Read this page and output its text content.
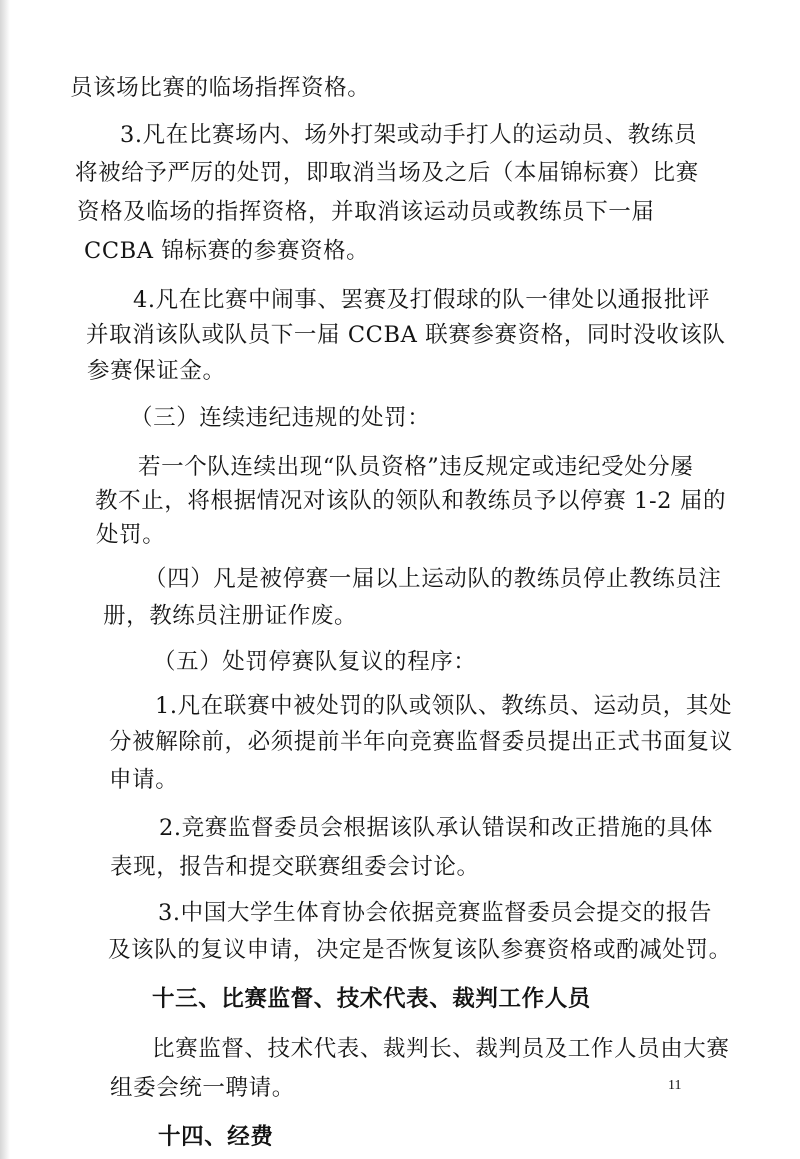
员该场比赛的临场指挥资格。
3.凡在比赛场内、场外打架或动手打人的运动员、教练员
将被给予严厉的处罚，即取消当场及之后（本届锦标赛）比赛
资格及临场的指挥资格，并取消该运动员或教练员下一届
CCBA 锦标赛的参赛资格。
4.凡在比赛中闹事、罢赛及打假球的队一律处以通报批评
并取消该队或队员下一届 CCBA 联赛参赛资格，同时没收该队
参赛保证金。
（三）连续违纪违规的处罚：
若一个队连续出现“队员资格”违反规定或违纪受处分屡
教不止，将根据情况对该队的领队和教练员予以停赛 1-2 届的
处罚。
（四）凡是被停赛一届以上运动队的教练员停止教练员注
册，教练员注册证作废。
（五）处罚停赛队复议的程序：
1.凡在联赛中被处罚的队或领队、教练员、运动员，其处
分被解除前，必须提前半年向竞赛监督委员提出正式书面复议
申请。
2.竞赛监督委员会根据该队承认错误和改正措施的具体
表现，报告和提交联赛组委会讨论。
3.中国大学生体育协会依据竞赛监督委员会提交的报告
及该队的复议申请，决定是否恢复该队参赛资格或酌减处罚。
十三、比赛监督、技术代表、裁判工作人员
比赛监督、技术代表、裁判长、裁判员及工作人员由大赛
组委会统一聘请。
十四、经费
11
